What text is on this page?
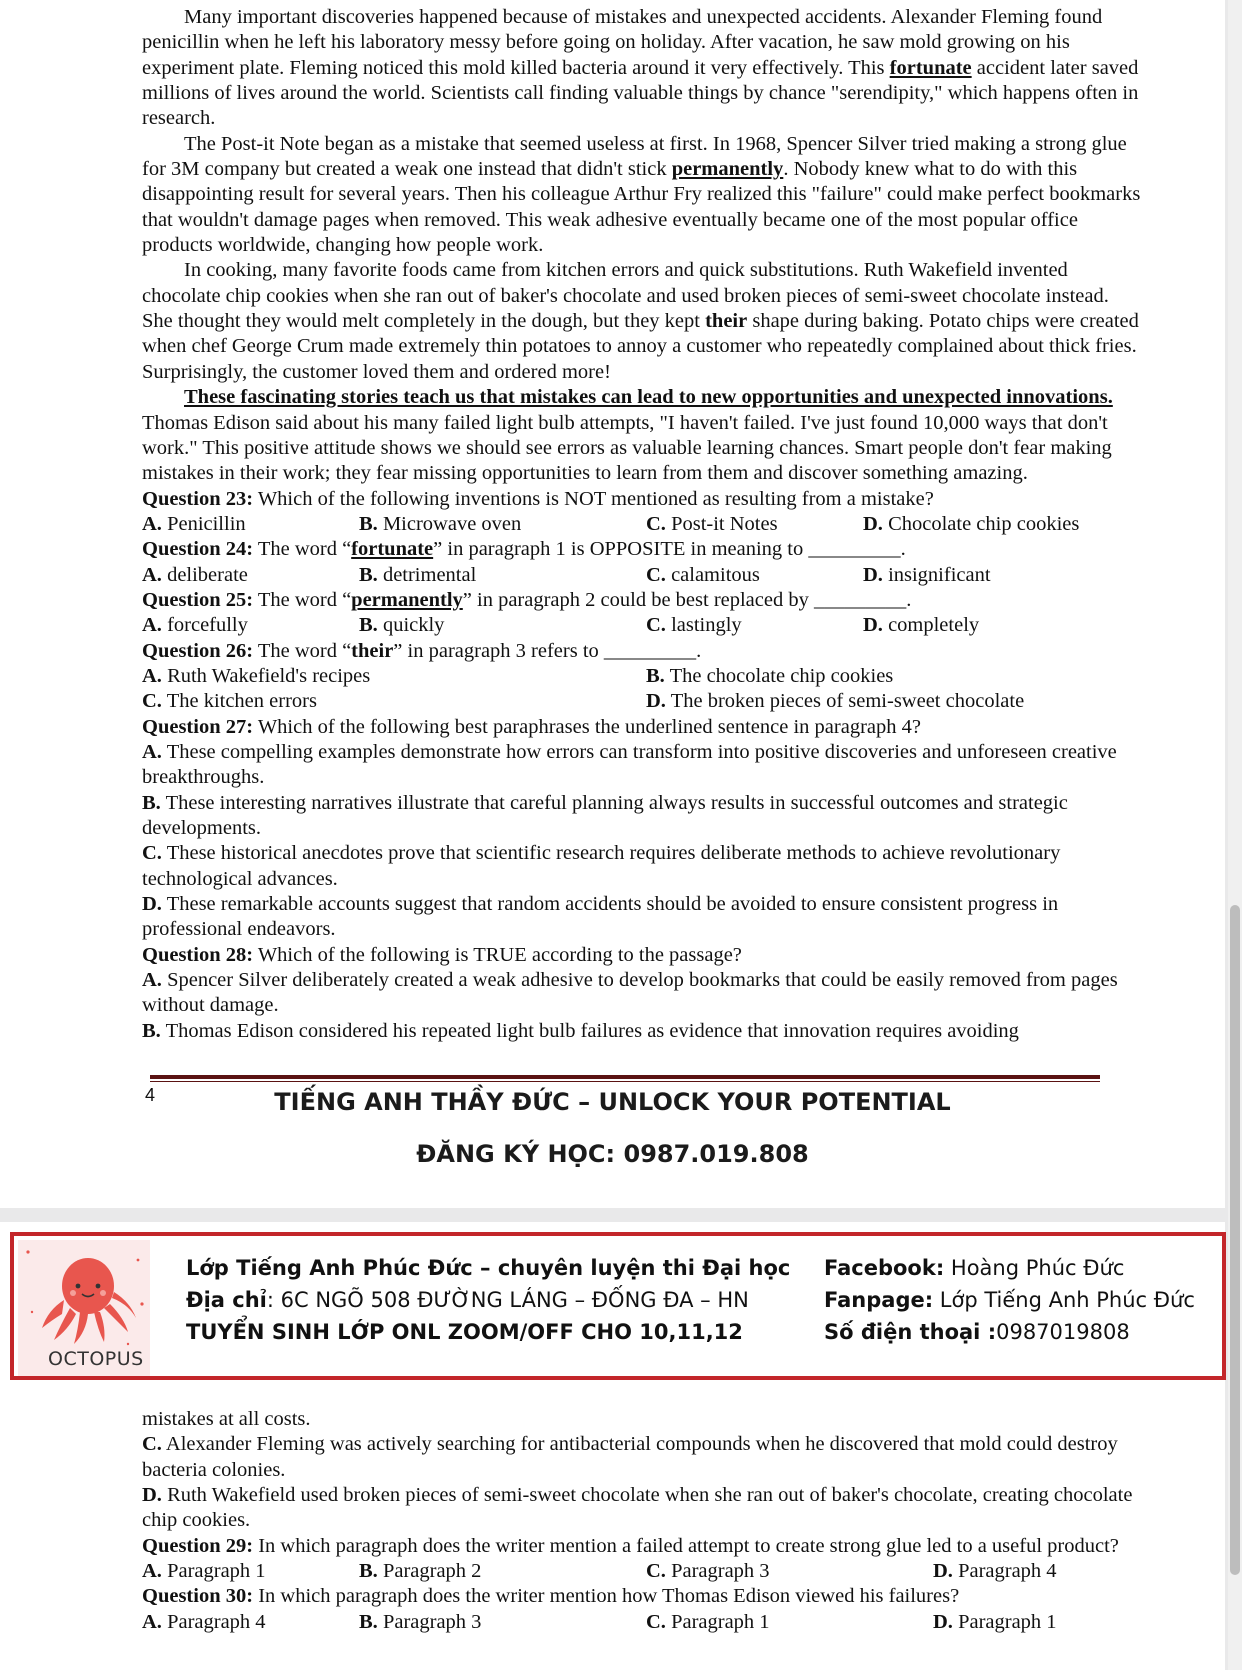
Many important discoveries happened because of mistakes and unexpected accidents. Alexander Fleming found penicillin when he left his laboratory messy before going on holiday. After vacation, he saw mold growing on his experiment plate. Fleming noticed this mold killed bacteria around it very effectively. This fortunate accident later saved millions of lives around the world. Scientists call finding valuable things by chance "serendipity," which happens often in research.

The Post-it Note began as a mistake that seemed useless at first. In 1968, Spencer Silver tried making a strong glue for 3M company but created a weak one instead that didn't stick permanently. Nobody knew what to do with this disappointing result for several years. Then his colleague Arthur Fry realized this "failure" could make perfect bookmarks that wouldn't damage pages when removed. This weak adhesive eventually became one of the most popular office products worldwide, changing how people work.

In cooking, many favorite foods came from kitchen errors and quick substitutions. Ruth Wakefield invented chocolate chip cookies when she ran out of baker's chocolate and used broken pieces of semi-sweet chocolate instead. She thought they would melt completely in the dough, but they kept their shape during baking. Potato chips were created when chef George Crum made extremely thin potatoes to annoy a customer who repeatedly complained about thick fries. Surprisingly, the customer loved them and ordered more!

These fascinating stories teach us that mistakes can lead to new opportunities and unexpected innovations. Thomas Edison said about his many failed light bulb attempts, "I haven't failed. I've just found 10,000 ways that don't work." This positive attitude shows we should see errors as valuable learning chances. Smart people don't fear making mistakes in their work; they fear missing opportunities to learn from them and discover something amazing.

Question 23: Which of the following inventions is NOT mentioned as resulting from a mistake?

A. Penicillin	B. Microwave oven	C. Post-it Notes	D. Chocolate chip cookies

Question 24: The word “fortunate” in paragraph 1 is OPPOSITE in meaning to _________.

A. deliberate	B. detrimental	C. calamitous	D. insignificant

Question 25: The word “permanently” in paragraph 2 could be best replaced by _________.

A. forcefully	B. quickly	C. lastingly	D. completely

Question 26: The word “their” in paragraph 3 refers to _________.

A. Ruth Wakefield's recipes	B. The chocolate chip cookies
C. The kitchen errors	D. The broken pieces of semi-sweet chocolate

Question 27: Which of the following best paraphrases the underlined sentence in paragraph 4?

A. These compelling examples demonstrate how errors can transform into positive discoveries and unforeseen creative breakthroughs.

B. These interesting narratives illustrate that careful planning always results in successful outcomes and strategic developments.

C. These historical anecdotes prove that scientific research requires deliberate methods to achieve revolutionary technological advances.

D. These remarkable accounts suggest that random accidents should be avoided to ensure consistent progress in professional endeavors.

Question 28: Which of the following is TRUE according to the passage?

A. Spencer Silver deliberately created a weak adhesive to develop bookmarks that could be easily removed from pages without damage.

B. Thomas Edison considered his repeated light bulb failures as evidence that innovation requires avoiding

4	TIẾNG ANH THẦY ĐỨC – UNLOCK YOUR POTENTIAL
ĐĂNG KÝ HỌC: 0987.019.808
OCTOPUS
Lớp Tiếng Anh Phúc Đức – chuyên luyện thi Đại học
Địa chỉ: 6C NGÕ 508 ĐƯỜNG LÁNG – ĐỐNG ĐA – HN
TUYỂN SINH LỚP ONL ZOOM/OFF CHO 10,11,12
Facebook: Hoàng Phúc Đức
Fanpage: Lớp Tiếng Anh Phúc Đức
Số điện thoại :0987019808

mistakes at all costs.

C. Alexander Fleming was actively searching for antibacterial compounds when he discovered that mold could destroy bacteria colonies.

D. Ruth Wakefield used broken pieces of semi-sweet chocolate when she ran out of baker's chocolate, creating chocolate chip cookies.

Question 29: In which paragraph does the writer mention a failed attempt to create strong glue led to a useful product?

A. Paragraph 1	B. Paragraph 2	C. Paragraph 3	D. Paragraph 4

Question 30: In which paragraph does the writer mention how Thomas Edison viewed his failures?

A. Paragraph 4	B. Paragraph 3	C. Paragraph 1	D. Paragraph 1
